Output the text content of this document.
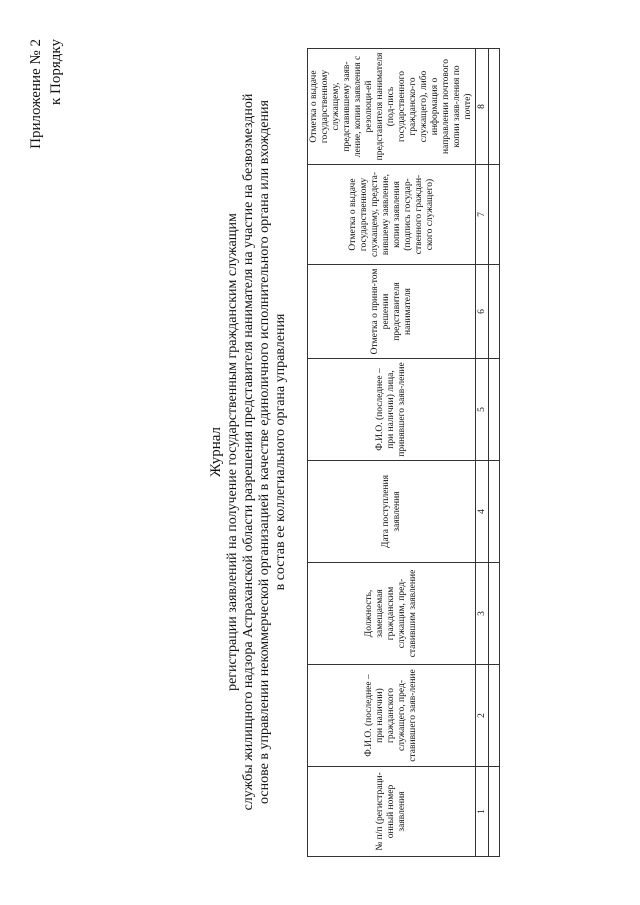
Приложение № 2 к Порядку
Журнал регистрации заявлений на получение государственным гражданским служащим службы жилищного надзора Астраханской области разрешения представителя нанимателя на участие на безвозмездной основе в управлении некоммерческой организацией в качестве единоличного исполнительного органа или вхождения в состав ее коллегиального органа управления
№ п/п (регистраци-онный номер заявления	Ф.И.О. (последнее – при наличии) гражданского служащего, пред-ставившего заяв-ление	Должность, замещаемая гражданским служащим, пред-ставившим заявление	Дата поступления заявления	Ф.И.О. (последнее – при наличии) лица, принявшего заяв-ление	Отметка о приня-том решении представителя нанимателя	Отметка о выдаче государственному служащему, предста-вившему заявление, копии заявления (подпись государ-ственного граждан-ского служащего)	Отметка о выдаче государственному служащему, представившему заяв-ление, копии заявления с резолюци-ей представителя нанимателя (под-пись государственного гражданско-го служащего), либо информация о направлении почтового копии заяв-ления по почте)
1	2	3	4	5	6	7	8
